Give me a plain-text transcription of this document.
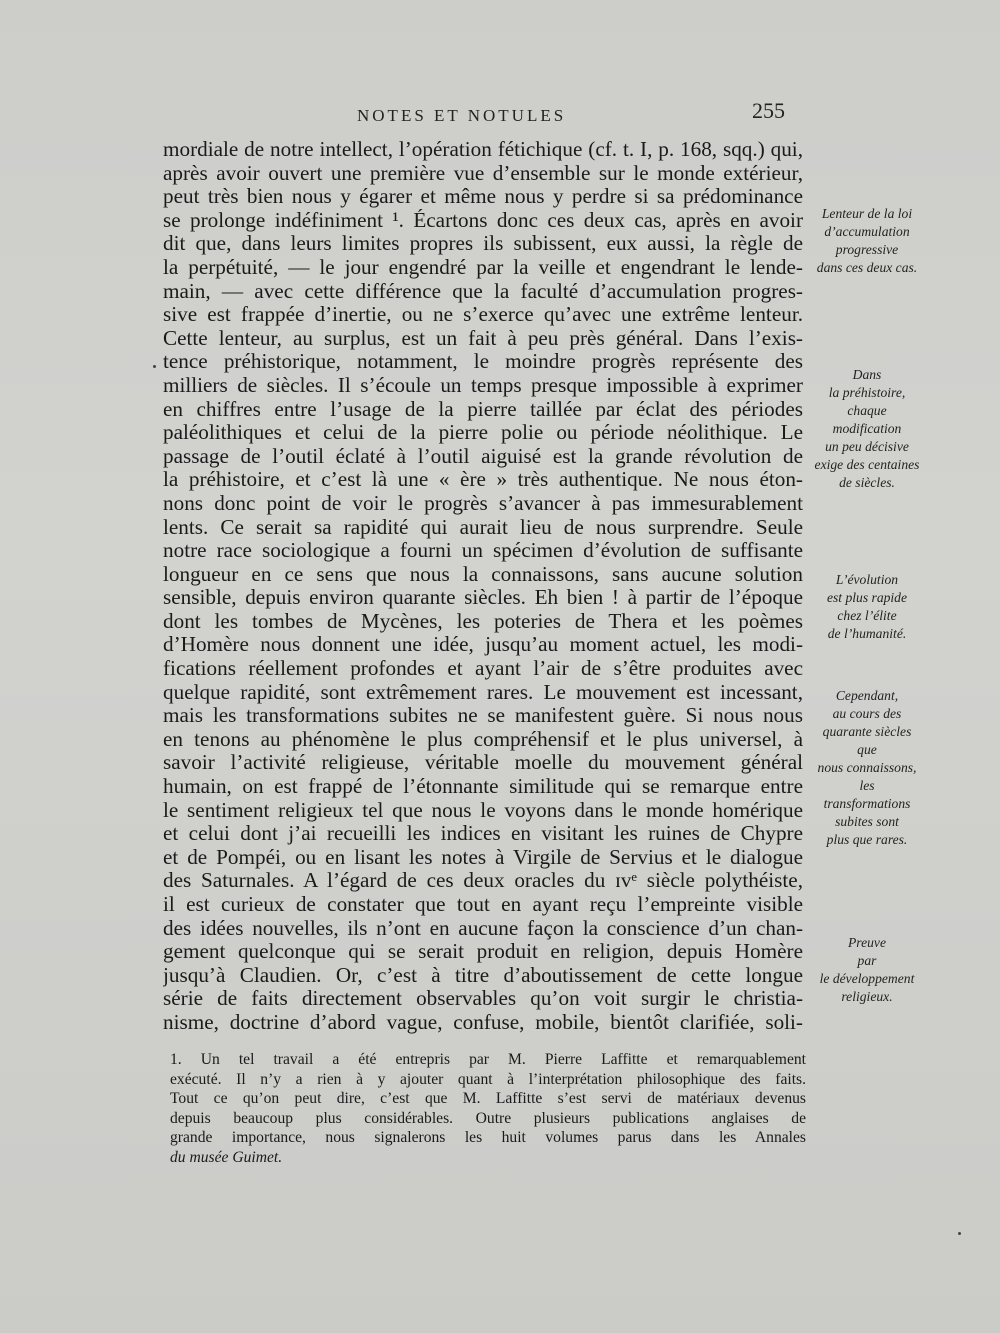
NOTES ET NOTULES	255
mordiale de notre intellect, l’opération fétichique (cf. t. I, p. 168, sqq.) qui,
après avoir ouvert une première vue d’ensemble sur le monde extérieur,
peut très bien nous y égarer et même nous y perdre si sa prédominance
se prolonge indéfiniment ¹. Écartons donc ces deux cas, après en avoir
dit que, dans leurs limites propres ils subissent, eux aussi, la règle de
la perpétuité, — le jour engendré par la veille et engendrant le lende-
main, — avec cette différence que la faculté d’accumulation progres-
sive est frappée d’inertie, ou ne s’exerce qu’avec une extrême lenteur.
Cette lenteur, au surplus, est un fait à peu près général. Dans l’exis-
tence préhistorique, notamment, le moindre progrès représente des
milliers de siècles. Il s’écoule un temps presque impossible à exprimer
en chiffres entre l’usage de la pierre taillée par éclat des périodes
paléolithiques et celui de la pierre polie ou période néolithique. Le
passage de l’outil éclaté à l’outil aiguisé est la grande révolution de
la préhistoire, et c’est là une « ère » très authentique. Ne nous éton-
nons donc point de voir le progrès s’avancer à pas immesurablement
lents. Ce serait sa rapidité qui aurait lieu de nous surprendre. Seule
notre race sociologique a fourni un spécimen d’évolution de suffisante
longueur en ce sens que nous la connaissons, sans aucune solution
sensible, depuis environ quarante siècles. Eh bien ! à partir de l’époque
dont les tombes de Mycènes, les poteries de Thera et les poèmes
d’Homère nous donnent une idée, jusqu’au moment actuel, les modi-
fications réellement profondes et ayant l’air de s’être produites avec
quelque rapidité, sont extrêmement rares. Le mouvement est incessant,
mais les transformations subites ne se manifestent guère. Si nous nous
en tenons au phénomène le plus compréhensif et le plus universel, à
savoir l’activité religieuse, véritable moelle du mouvement général
humain, on est frappé de l’étonnante similitude qui se remarque entre
le sentiment religieux tel que nous le voyons dans le monde homérique
et celui dont j’ai recueilli les indices en visitant les ruines de Chypre
et de Pompéi, ou en lisant les notes à Virgile de Servius et le dialogue
des Saturnales. A l’égard de ces deux oracles du ɪvᵉ siècle polythéiste,
il est curieux de constater que tout en ayant reçu l’empreinte visible
des idées nouvelles, ils n’ont en aucune façon la conscience d’un chan-
gement quelconque qui se serait produit en religion, depuis Homère
jusqu’à Claudien. Or, c’est à titre d’aboutissement de cette longue
série de faits directement observables qu’on voit surgir le christia-
nisme, doctrine d’abord vague, confuse, mobile, bientôt clarifiée, soli-
Lenteur de la loi
d’accumulation
progressive
dans ces deux cas.
Dans
la préhistoire,
chaque
modification
un peu décisive
exige des centaines
de siècles.
L’évolution
est plus rapide
chez l’élite
de l’humanité.
Cependant,
au cours des
quarante siècles
que
nous connaissons,
les
transformations
subites sont
plus que rares.
Preuve
par
le développement
religieux.
1. Un tel travail a été entrepris par M. Pierre Laffitte et remarquablement
exécuté. Il n’y a rien à y ajouter quant à l’interprétation philosophique des faits.
Tout ce qu’on peut dire, c’est que M. Laffitte s’est servi de matériaux devenus
depuis beaucoup plus considérables. Outre plusieurs publications anglaises de
grande importance, nous signalerons les huit volumes parus dans les Annales
du musée Guimet.
